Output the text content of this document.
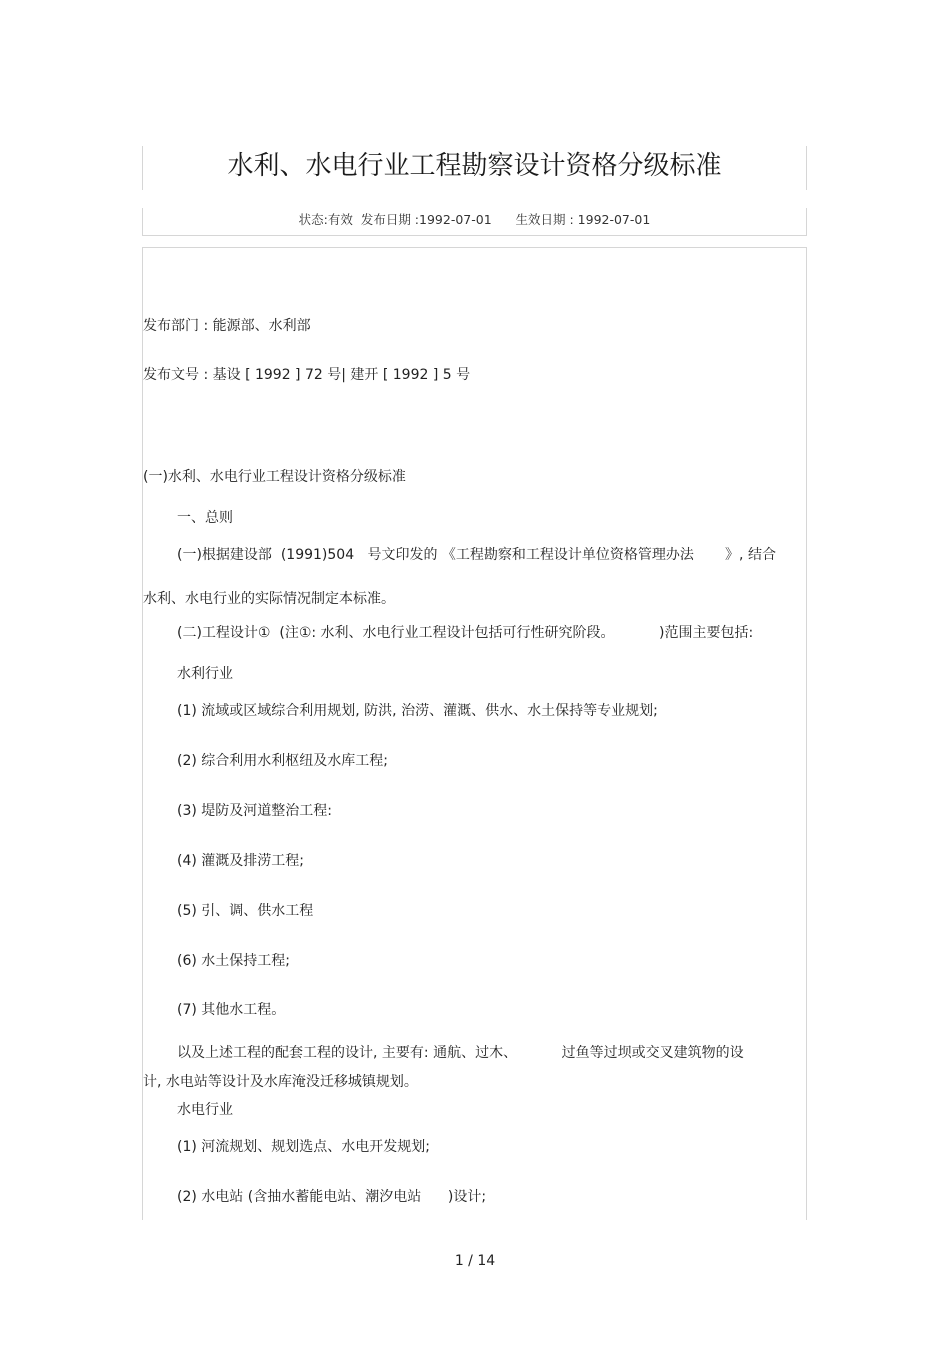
水利、水电行业工程勘察设计资格分级标准
状态:有效  发布日期 :1992-07-01      生效日期 : 1992-07-01
发布部门 : 能源部、水利部
发布文号 : 基设 [ 1992 ] 72 号| 建开 [ 1992 ] 5 号
(一)水利、水电行业工程设计资格分级标准
一、总则
(一)根据建设部  (1991)504   号文印发的 《工程勘察和工程设计单位资格管理办法       》, 结合
水利、水电行业的实际情况制定本标准。
(二)工程设计①  (注①: 水利、水电行业工程设计包括可行性研究阶段。          )范围主要包括:
水利行业
(1) 流域或区域综合利用规划, 防洪, 治涝、灌溉、供水、水土保持等专业规划;
(2) 综合利用水利枢纽及水库工程;
(3) 堤防及河道整治工程:
(4) 灌溉及排涝工程;
(5) 引、调、供水工程
(6) 水土保持工程;
(7) 其他水工程。
以及上述工程的配套工程的设计, 主要有: 通航、过木、          过鱼等过坝或交叉建筑物的设
计, 水电站等设计及水库淹没迁移城镇规划。
水电行业
(1) 河流规划、规划选点、水电开发规划;
(2) 水电站 (含抽水蓄能电站、潮汐电站      )设计;
1 / 14
